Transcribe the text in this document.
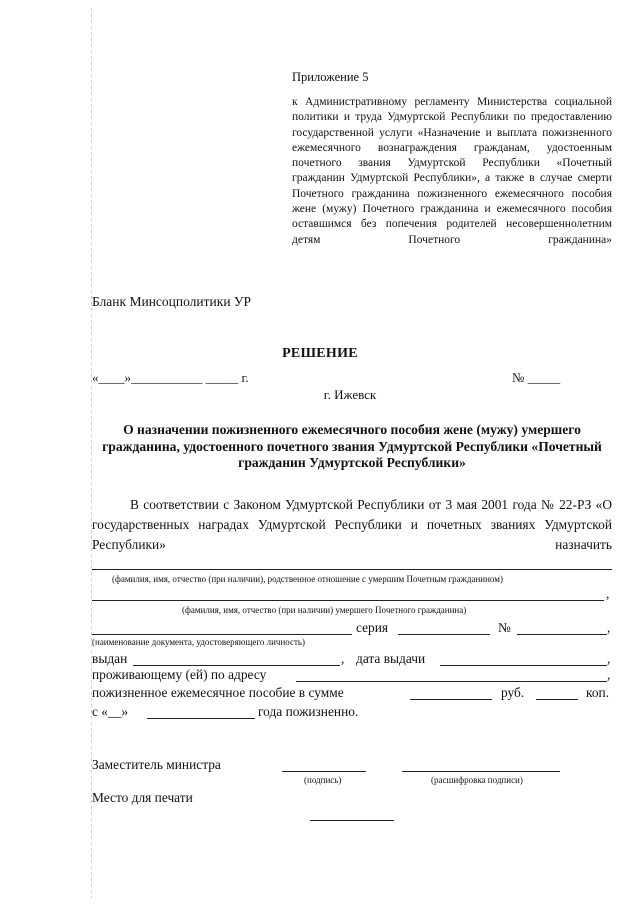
Приложение 5
к Административному регламенту Министерства социальной политики и труда Удмуртской Республики по предоставлению государственной услуги «Назначение и выплата пожизненного ежемесячного вознаграждения гражданам, удостоенным почетного звания Удмуртской Республики «Почетный гражданин Удмуртской Республики», а также в случае смерти Почетного гражданина пожизненного ежемесячного пособия жене (мужу) Почетного гражданина и ежемесячного пособия оставшимся без попечения родителей несовершеннолетним детям Почетного гражданина»
Бланк Минсоцполитики УР
РЕШЕНИЕ
«____»___________ _____ г.	№ _____
г. Ижевск
О назначении пожизненного ежемесячного пособия жене (мужу) умершего гражданина, удостоенного почетного звания Удмуртской Республики «Почетный гражданин Удмуртской Республики»
В соответствии с Законом Удмуртской Республики от 3 мая 2001 года № 22-РЗ «О государственных наградах Удмуртской Республики и почетных званиях Удмуртской Республики» назначить
(фамилия, имя, отчество (при наличии), родственное отношение с умершим Почетным гражданином)
,
(фамилия, имя, отчество (при наличии) умершего Почетного гражданина)
серия	№	,
(наименование документа, удостоверяющего личность)
выдан	, дата выдачи	,
проживающему (ей) по адресу	,
пожизненное ежемесячное пособие в сумме	руб.	коп.
с «__»	года пожизненно.
Заместитель министра
(подпись)	(расшифровка подписи)
Место для печати
